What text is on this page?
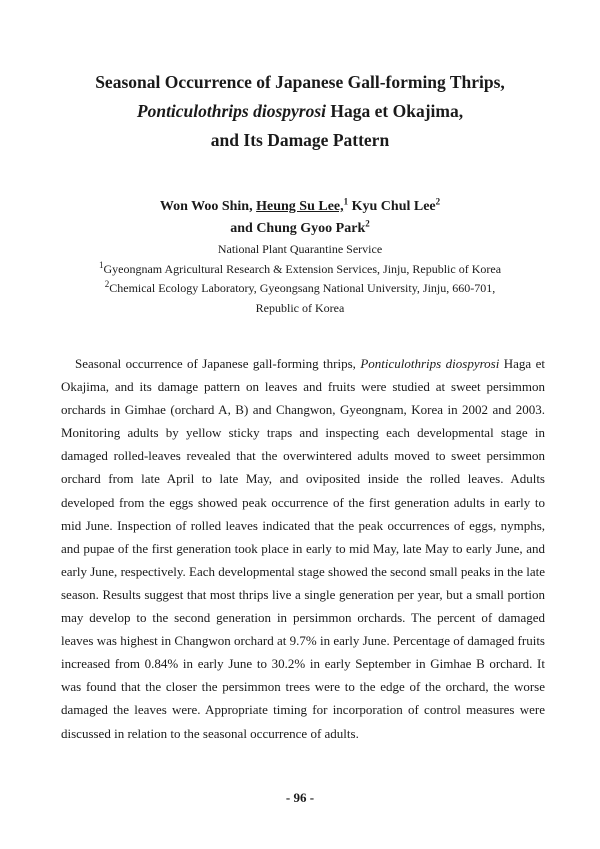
Seasonal Occurrence of Japanese Gall-forming Thrips,
Ponticulothrips diospyrosi Haga et Okajima,
and Its Damage Pattern
Won Woo Shin, Heung Su Lee,$^1$ Kyu Chul Lee$^2$
and Chung Gyoo Park$^2$
National Plant Quarantine Service
$^1$Gyeongnam Agricultural Research & Extension Services, Jinju, Republic of Korea
$^2$Chemical Ecology Laboratory, Gyeongsang National University, Jinju, 660-701,
Republic of Korea

Seasonal occurrence of Japanese gall-forming thrips, Ponticulothrips diospyrosi Haga et Okajima, and its damage pattern on leaves and fruits were studied at sweet persimmon orchards in Gimhae (orchard A, B) and Changwon, Gyeongnam, Korea in 2002 and 2003. Monitoring adults by yellow sticky traps and inspecting each developmental stage in damaged rolled-leaves revealed that the overwintered adults moved to sweet persimmon orchard from late April to late May, and oviposited inside the rolled leaves. Adults developed from the eggs showed peak occurrence of the first generation adults in early to mid June. Inspection of rolled leaves indicated that the peak occurrences of eggs, nymphs, and pupae of the first generation took place in early to mid May, late May to early June, and early June, respectively. Each developmental stage showed the second small peaks in the late season. Results suggest that most thrips live a single generation per year, but a small portion may develop to the second generation in persimmon orchards. The percent of damaged leaves was highest in Changwon orchard at 9.7% in early June. Percentage of damaged fruits increased from 0.84% in early June to 30.2% in early September in Gimhae B orchard. It was found that the closer the persimmon trees were to the edge of the orchard, the worse damaged the leaves were. Appropriate timing for incorporation of control measures were discussed in relation to the seasonal occurrence of adults.

- 96 -
